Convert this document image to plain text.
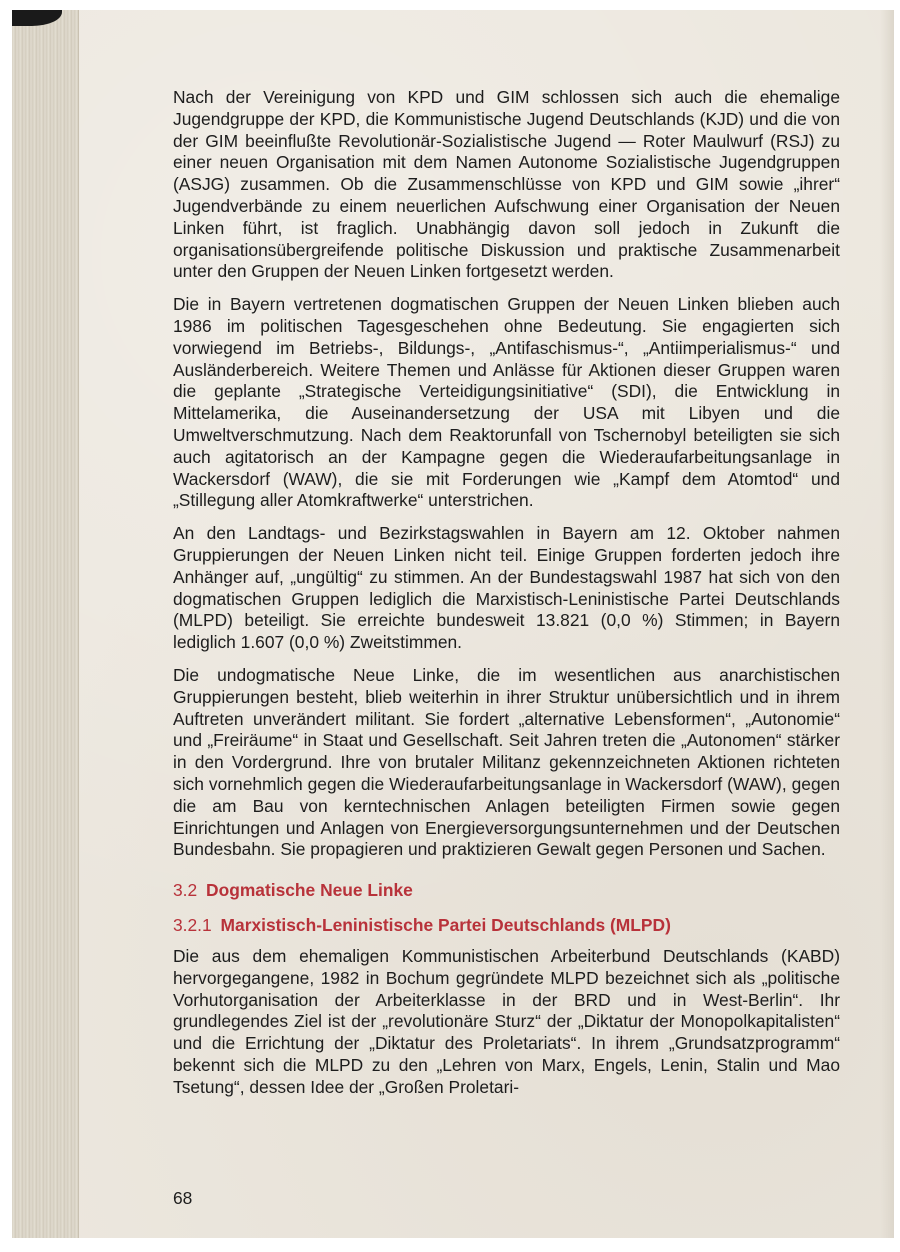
Nach der Vereinigung von KPD und GIM schlossen sich auch die ehemalige Jugendgruppe der KPD, die Kommunistische Jugend Deutschlands (KJD) und die von der GIM beeinflußte Revolutionär-Sozialistische Jugend — Roter Maulwurf (RSJ) zu einer neuen Organisation mit dem Namen Autonome Sozialistische Jugendgruppen (ASJG) zusammen. Ob die Zusammenschlüsse von KPD und GIM sowie „ihrer“ Jugendverbände zu einem neuerlichen Aufschwung einer Organisation der Neuen Linken führt, ist fraglich. Unabhängig davon soll jedoch in Zukunft die organisationsübergreifende politische Diskussion und praktische Zusammenarbeit unter den Gruppen der Neuen Linken fortgesetzt werden.

Die in Bayern vertretenen dogmatischen Gruppen der Neuen Linken blieben auch 1986 im politischen Tagesgeschehen ohne Bedeutung. Sie engagierten sich vorwiegend im Betriebs-, Bildungs-, „Antifaschismus-“, „Antiimperialismus-“ und Ausländerbereich. Weitere Themen und Anlässe für Aktionen dieser Gruppen waren die geplante „Strategische Verteidigungsinitiative“ (SDI), die Entwicklung in Mittelamerika, die Auseinandersetzung der USA mit Libyen und die Umweltverschmutzung. Nach dem Reaktorunfall von Tschernobyl beteiligten sie sich auch agitatorisch an der Kampagne gegen die Wiederaufarbeitungsanlage in Wackersdorf (WAW), die sie mit Forderungen wie „Kampf dem Atomtod“ und „Stillegung aller Atomkraftwerke“ unterstrichen.

An den Landtags- und Bezirkstagswahlen in Bayern am 12. Oktober nahmen Gruppierungen der Neuen Linken nicht teil. Einige Gruppen forderten jedoch ihre Anhänger auf, „ungültig“ zu stimmen. An der Bundestagswahl 1987 hat sich von den dogmatischen Gruppen lediglich die Marxistisch-Leninistische Partei Deutschlands (MLPD) beteiligt. Sie erreichte bundesweit 13.821 (0,0 %) Stimmen; in Bayern lediglich 1.607 (0,0 %) Zweitstimmen.

Die undogmatische Neue Linke, die im wesentlichen aus anarchistischen Gruppierungen besteht, blieb weiterhin in ihrer Struktur unübersichtlich und in ihrem Auftreten unverändert militant. Sie fordert „alternative Lebensformen“, „Autonomie“ und „Freiräume“ in Staat und Gesellschaft. Seit Jahren treten die „Autonomen“ stärker in den Vordergrund. Ihre von brutaler Militanz gekennzeichneten Aktionen richteten sich vornehmlich gegen die Wiederaufarbeitungsanlage in Wackersdorf (WAW), gegen die am Bau von kerntechnischen Anlagen beteiligten Firmen sowie gegen Einrichtungen und Anlagen von Energieversorgungsunternehmen und der Deutschen Bundesbahn. Sie propagieren und praktizieren Gewalt gegen Personen und Sachen.

3.2 Dogmatische Neue Linke
3.2.1 Marxistisch-Leninistische Partei Deutschlands (MLPD)

Die aus dem ehemaligen Kommunistischen Arbeiterbund Deutschlands (KABD) hervorgegangene, 1982 in Bochum gegründete MLPD bezeichnet sich als „politische Vorhutorganisation der Arbeiterklasse in der BRD und in West-Berlin“. Ihr grundlegendes Ziel ist der „revolutionäre Sturz“ der „Diktatur der Monopolkapitalisten“ und die Errichtung der „Diktatur des Proletariats“. In ihrem „Grundsatzprogramm“ bekennt sich die MLPD zu den „Lehren von Marx, Engels, Lenin, Stalin und Mao Tsetung“, dessen Idee der „Großen Proletari-

68
